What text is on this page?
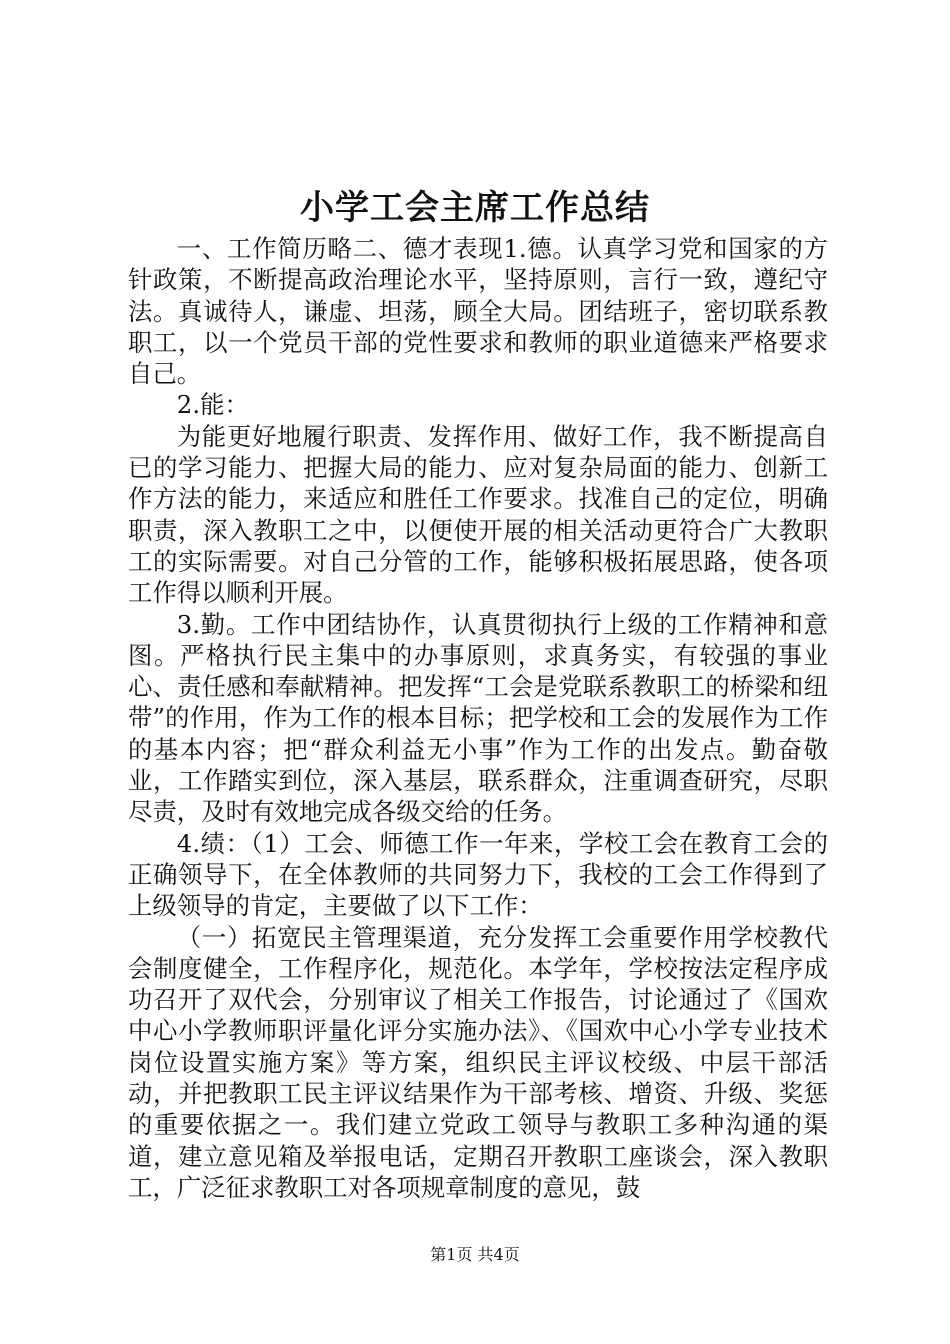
小学工会主席工作总结

一、工作简历略二、德才表现1.德。认真学习党和国家的方针政策，不断提高政治理论水平，坚持原则，言行一致，遵纪守法。真诚待人，谦虚、坦荡，顾全大局。团结班子，密切联系教职工，以一个党员干部的党性要求和教师的职业道德来严格要求自己。

2.能：

为能更好地履行职责、发挥作用、做好工作，我不断提高自已的学习能力、把握大局的能力、应对复杂局面的能力、创新工作方法的能力，来适应和胜任工作要求。找准自己的定位，明确职责，深入教职工之中，以便使开展的相关活动更符合广大教职工的实际需要。对自己分管的工作，能够积极拓展思路，使各项工作得以顺利开展。

3.勤。工作中团结协作，认真贯彻执行上级的工作精神和意图。严格执行民主集中的办事原则，求真务实，有较强的事业心、责任感和奉献精神。把发挥“工会是党联系教职工的桥梁和纽带”的作用，作为工作的根本目标；把学校和工会的发展作为工作的基本内容；把“群众利益无小事”作为工作的出发点。勤奋敬业，工作踏实到位，深入基层，联系群众，注重调查研究，尽职尽责，及时有效地完成各级交给的任务。

4.绩：（1）工会、师德工作一年来，学校工会在教育工会的正确领导下，在全体教师的共同努力下，我校的工会工作得到了上级领导的肯定，主要做了以下工作：

（一）拓宽民主管理渠道，充分发挥工会重要作用学校教代会制度健全，工作程序化，规范化。本学年，学校按法定程序成功召开了双代会，分别审议了相关工作报告，讨论通过了《国欢中心小学教师职评量化评分实施办法》、《国欢中心小学专业技术岗位设置实施方案》等方案，组织民主评议校级、中层干部活动，并把教职工民主评议结果作为干部考核、增资、升级、奖惩的重要依据之一。我们建立党政工领导与教职工多种沟通的渠道，建立意见箱及举报电话，定期召开教职工座谈会，深入教职工，广泛征求教职工对各项规章制度的意见，鼓

第1页 共4页
